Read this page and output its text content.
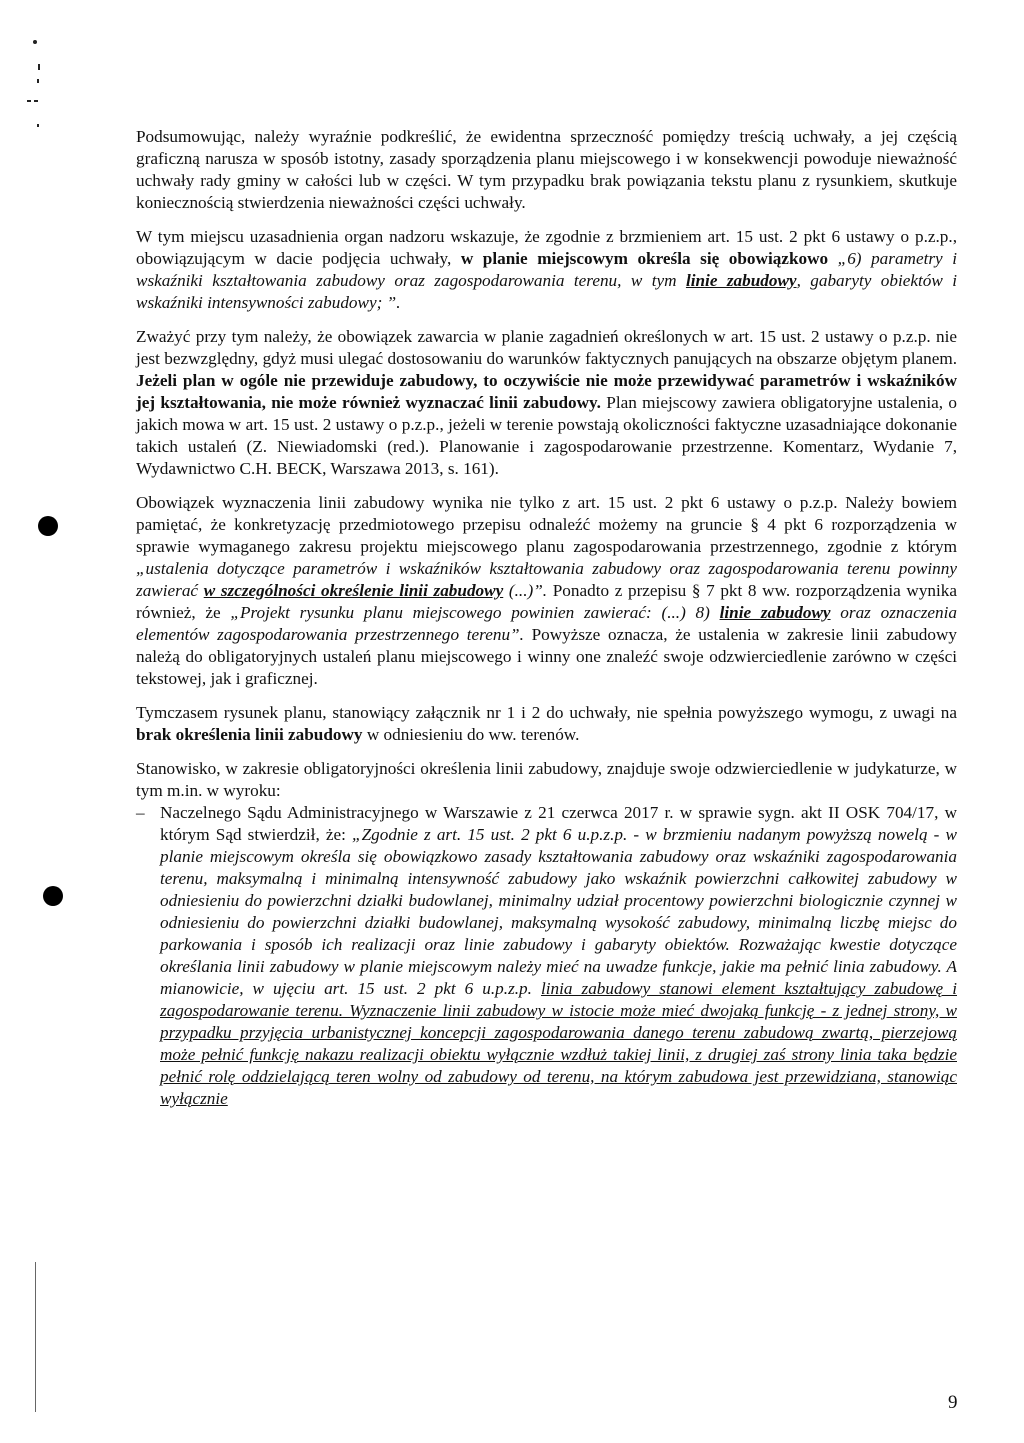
Podsumowując, należy wyraźnie podkreślić, że ewidentna sprzeczność pomiędzy treścią uchwały, a jej częścią graficzną narusza w sposób istotny, zasady sporządzenia planu miejscowego i w konsekwencji powoduje nieważność uchwały rady gminy w całości lub w części. W tym przypadku brak powiązania tekstu planu z rysunkiem, skutkuje koniecznością stwierdzenia nieważności części uchwały.

W tym miejscu uzasadnienia organ nadzoru wskazuje, że zgodnie z brzmieniem art. 15 ust. 2 pkt 6 ustawy o p.z.p., obowiązującym w dacie podjęcia uchwały, w planie miejscowym określa się obowiązkowo „6) parametry i wskaźniki kształtowania zabudowy oraz zagospodarowania terenu, w tym linie zabudowy, gabaryty obiektów i wskaźniki intensywności zabudowy; ”.

Zważyć przy tym należy, że obowiązek zawarcia w planie zagadnień określonych w art. 15 ust. 2 ustawy o p.z.p. nie jest bezwzględny, gdyż musi ulegać dostosowaniu do warunków faktycznych panujących na obszarze objętym planem. Jeżeli plan w ogóle nie przewiduje zabudowy, to oczywiście nie może przewidywać parametrów i wskaźników jej kształtowania, nie może również wyznaczać linii zabudowy. Plan miejscowy zawiera obligatoryjne ustalenia, o jakich mowa w art. 15 ust. 2 ustawy o p.z.p., jeżeli w terenie powstają okoliczności faktyczne uzasadniające dokonanie takich ustaleń (Z. Niewiadomski (red.). Planowanie i zagospodarowanie przestrzenne. Komentarz, Wydanie 7, Wydawnictwo C.H. BECK, Warszawa 2013, s. 161).

Obowiązek wyznaczenia linii zabudowy wynika nie tylko z art. 15 ust. 2 pkt 6 ustawy o p.z.p. Należy bowiem pamiętać, że konkretyzację przedmiotowego przepisu odnaleźć możemy na gruncie § 4 pkt 6 rozporządzenia w sprawie wymaganego zakresu projektu miejscowego planu zagospodarowania przestrzennego, zgodnie z którym „ustalenia dotyczące parametrów i wskaźników kształtowania zabudowy oraz zagospodarowania terenu powinny zawierać w szczególności określenie linii zabudowy (...)”. Ponadto z przepisu § 7 pkt 8 ww. rozporządzenia wynika również, że „Projekt rysunku planu miejscowego powinien zawierać: (...) 8) linie zabudowy oraz oznaczenia elementów zagospodarowania przestrzennego terenu”. Powyższe oznacza, że ustalenia w zakresie linii zabudowy należą do obligatoryjnych ustaleń planu miejscowego i winny one znaleźć swoje odzwierciedlenie zarówno w części tekstowej, jak i graficznej.

Tymczasem rysunek planu, stanowiący załącznik nr 1 i 2 do uchwały, nie spełnia powyższego wymogu, z uwagi na brak określenia linii zabudowy w odniesieniu do ww. terenów.

Stanowisko, w zakresie obligatoryjności określenia linii zabudowy, znajduje swoje odzwierciedlenie w judykaturze, w tym m.in. w wyroku:

– Naczelnego Sądu Administracyjnego w Warszawie z 21 czerwca 2017 r. w sprawie sygn. akt II OSK 704/17, w którym Sąd stwierdził, że: „Zgodnie z art. 15 ust. 2 pkt 6 u.p.z.p. - w brzmieniu nadanym powyższą nowelą - w planie miejscowym określa się obowiązkowo zasady kształtowania zabudowy oraz wskaźniki zagospodarowania terenu, maksymalną i minimalną intensywność zabudowy jako wskaźnik powierzchni całkowitej zabudowy w odniesieniu do powierzchni działki budowlanej, minimalny udział procentowy powierzchni biologicznie czynnej w odniesieniu do powierzchni działki budowlanej, maksymalną wysokość zabudowy, minimalną liczbę miejsc do parkowania i sposób ich realizacji oraz linie zabudowy i gabaryty obiektów. Rozważając kwestie dotyczące określania linii zabudowy w planie miejscowym należy mieć na uwadze funkcje, jakie ma pełnić linia zabudowy. A mianowicie, w ujęciu art. 15 ust. 2 pkt 6 u.p.z.p. linia zabudowy stanowi element kształtujący zabudowę i zagospodarowanie terenu. Wyznaczenie linii zabudowy w istocie może mieć dwojaką funkcję - z jednej strony, w przypadku przyjęcia urbanistycznej koncepcji zagospodarowania danego terenu zabudową zwartą, pierzejową może pełnić funkcję nakazu realizacji obiektu wyłącznie wzdłuż takiej linii, z drugiej zaś strony linia taka będzie pełnić rolę oddzielającą teren wolny od zabudowy od terenu, na którym zabudowa jest przewidziana, stanowiąc wyłącznie
9
